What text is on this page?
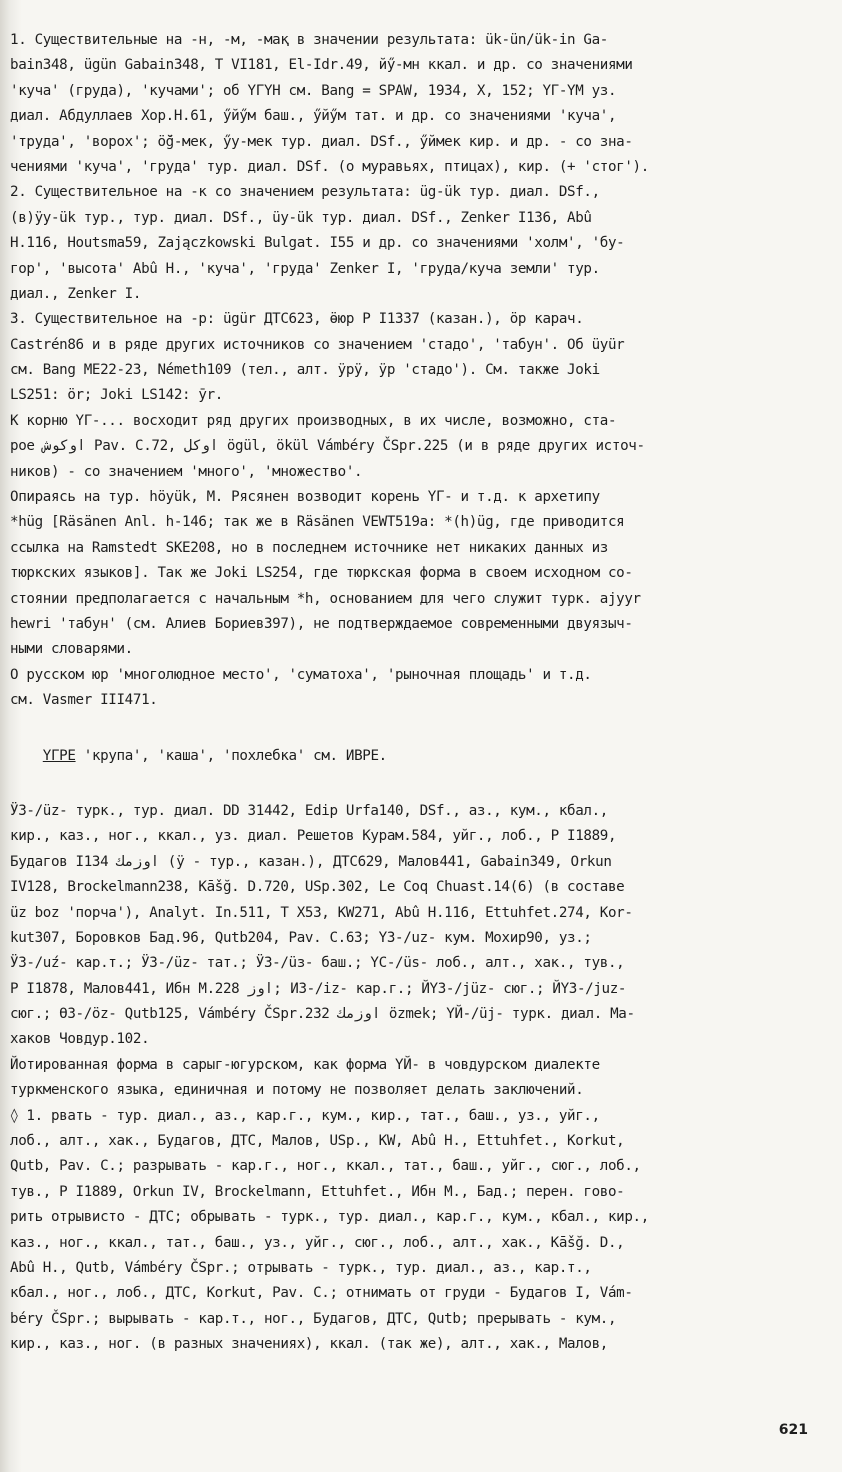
1. Существительные на -н, -м, -мақ в значении результата: ük-ün/ük-in Ga-
bain348, ügün Gabain348, T VI181, El-Idr.49, йӳ-мн ккал. и др. со значениями
'куча' (груда), 'кучами'; об ҮГҮН см. Bang = SPAW, 1934, X, 152; ҮГ-ҮМ уз.
диал. Абдуллаев Хор.Н.61, ӳйӳм баш., ӳйӳм тат. и др. со значениями 'куча',
'труда', 'ворох'; ӧ̆ğ-мек, ӳу-мек тур. диал. DSf., ӳймек кир. и др. - со зна-
чениями 'куча', 'груда' тур. диал. DSf. (о муравьях, птицах), кир. (+ 'стог').
2. Существительное на -к со значением результата: üg-ük тур. диал. DSf.,
(в)ӱу-ük тур., тур. диал. DSf., üy-ük тур. диал. DSf., Zenker I136, Abû
H.116, Houtsma59, Zajączkowski Bulgat. I55 и др. со значениями 'холм', 'бу-
гор', 'высота' Abû H., 'куча', 'груда' Zenker I, 'груда/куча земли' тур.
диал., Zenker I.
3. Существительное на -р: ügür ДТС623, ӫюр Р I1337 (казан.), ӧр карач.
Castrén86 и в ряде других источников со значением 'стадо', 'табун'. Об üyür
см. Bang ME22-23, Németh109 (тел., алт. ӱрӱ, ӱр 'стадо'). См. также Joki
LS251: ӧr; Joki LS142: ӯr.
К корню ҮГ-... восходит ряд других производных, в их числе, возможно, ста-
рое اوكوش Pav. C.72, اوكل ögül, ökül Vámbéry ČSpr.225 (и в ряде других источ-
ников) - со значением 'много', 'множество'.
Опираясь на тур. höyük, М. Рясянен возводит корень ҮГ- и т.д. к архетипу
*hüg [Räsänen Anl. h-146; так же в Räsänen VEWT519а: *(h)üg, где приводится
ссылка на Ramstedt SKE208, но в последнем источнике нет никаких данных из
тюркских языков]. Так же Joki LS254, где тюркская форма в своем исходном со-
стоянии предполагается с начальным *h, основанием для чего служит турк. ajyyr
hewri 'табун' (см. Алиев Бориев397), не подтверждаемое современными двуязыч-
ными словарями.
О русском юр 'многолюдное место', 'суматоха', 'рыночная площадь' и т.д.
см. Vasmer III471.
ҮГРЕ 'крупа', 'каша', 'похлебка' см. ИВРЕ.
ӰЗ-/üz- турк., тур. диал. DD 31442, Edip Urfa140, DSf., аз., кум., кбал.,
кир., каз., ног., ккал., уз. диал. Решетов Курам.584, уйг., лоб., Р I1889,
Будагов I134 اوزمك (ӱ - тур., казан.), ДТС629, Малов441, Gabain349, Orkun
IV128, Brockelmann238, Kāšğ. D.720, USp.302, Le Coq Chuast.14(6) (в составе
üz boz 'порча'), Analyt. In.511, T X53, KW271, Abû H.116, Ettuhfet.274, Kor-
kut307, Боровков Бад.96, Qutb204, Pav. C.63; ҮЗ-/uz- кум. Мохир90, уз.;
ӰЗ-/uź- кар.т.; ӰЗ-/üz- тат.; ӰЗ-/üз- баш.; ҮС-/üs- лоб., алт., хак., тув.,
Р I1878, Малов441, Ибн М.228 اوز; ИЗ-/iz- кар.г.; ЙҮЗ-/jüz- сюг.; ЙҮЗ-/juz-
сюг.; ӨЗ-/öz- Qutb125, Vámbéry ČSpr.232 اوزمك özmek; ҮЙ-/üj- турк. диал. Ма-
хаков Човдур.102.
Йотированная форма в сарыг-югурском, как форма ҮЙ- в човдурском диалекте
туркменского языка, единичная и потому не позволяет делать заключений.
◊ 1. рвать - тур. диал., аз., кар.г., кум., кир., тат., баш., уз., уйг.,
лоб., алт., хак., Будагов, ДТС, Малов, USp., KW, Abû H., Ettuhfet., Korkut,
Qutb, Pav. C.; разрывать - кар.г., ног., ккал., тат., баш., уйг., сюг., лоб.,
тув., Р I1889, Orkun IV, Brockelmann, Ettuhfet., Ибн М., Бад.; перен. гово-
рить отрывисто - ДТС; обрывать - турк., тур. диал., кар.г., кум., кбал., кир.,
каз., ног., ккал., тат., баш., уз., уйг., сюг., лоб., алт., хак., Kāšğ. D.,
Abû H., Qutb, Vámbéry ČSpr.; отрывать - турк., тур. диал., аз., кар.т.,
кбал., ног., лоб., ДТС, Korkut, Pav. C.; отнимать от груди - Будагов I, Vám-
béry ČSpr.; вырывать - кар.т., ног., Будагов, ДТС, Qutb; прерывать - кум.,
кир., каз., ног. (в разных значениях), ккал. (так же), алт., хак., Малов,
621
